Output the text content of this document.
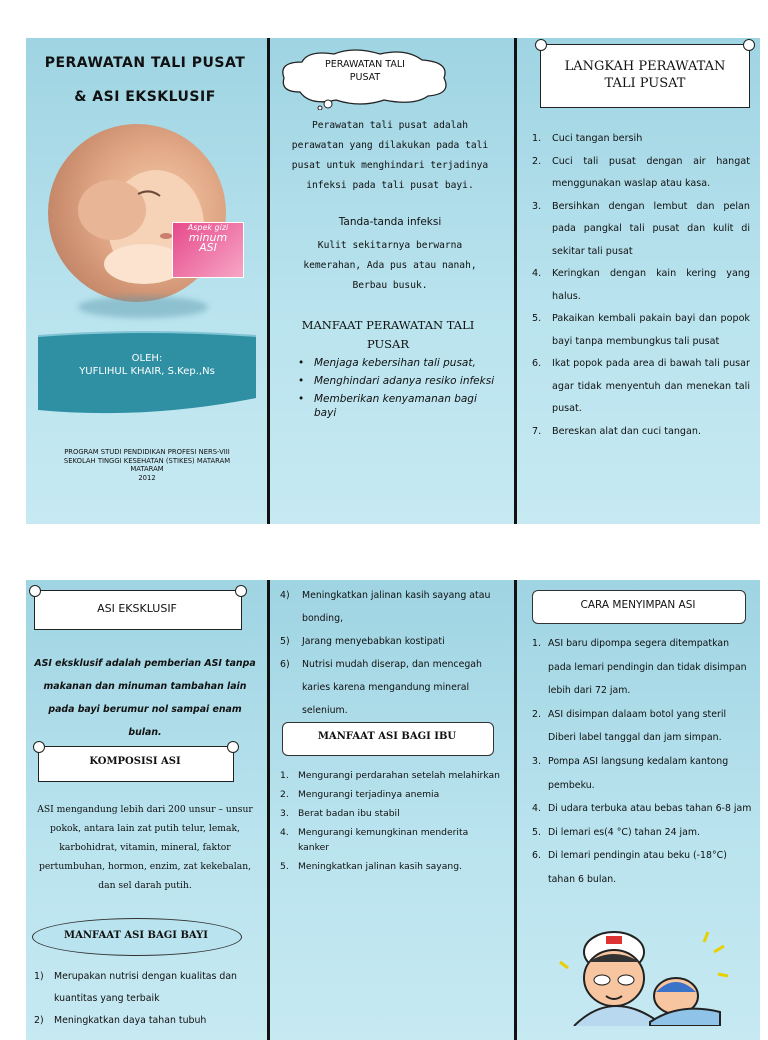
PERAWATAN TALI PUSAT
& ASI EKSKLUSIF
Aspek gizi
minum
ASI
OLEH:
YUFLIHUL KHAIR, S.Kep.,Ns
PROGRAM STUDI PENDIDIKAN PROFESI NERS-VIII
SEKOLAH TINGGI KESEHATAN (STIKES) MATARAM
MATARAM
2012
PERAWATAN TALI PUSAT
Perawatan tali pusat adalah perawatan yang dilakukan pada tali pusat untuk menghindari terjadinya infeksi pada tali pusat bayi.
Tanda-tanda infeksi
Kulit sekitarnya berwarna kemerahan, Ada pus atau nanah, Berbau busuk.
MANFAAT PERAWATAN TALI PUSAR
• Menjaga kebersihan tali pusat,
• Menghindari adanya resiko infeksi
• Memberikan kenyamanan bagi bayi
LANGKAH PERAWATAN TALI PUSAT
1. Cuci tangan bersih
2. Cuci tali pusat dengan air hangat menggunakan waslap atau kasa.
3. Bersihkan dengan lembut dan pelan pada pangkal tali pusat dan kulit di sekitar tali pusat
4. Keringkan dengan kain kering yang halus.
5. Pakaikan kembali pakain bayi dan popok bayi tanpa membungkus tali pusat
6. Ikat popok pada area di bawah tali pusar agar tidak menyentuh dan menekan tali pusat.
7. Bereskan alat dan cuci tangan.
ASI EKSKLUSIF
ASI eksklusif adalah pemberian ASI tanpa makanan dan minuman tambahan lain pada bayi berumur nol sampai enam bulan.
KOMPOSISI ASI
ASI mengandung lebih dari 200 unsur – unsur pokok, antara lain zat putih telur, lemak, karbohidrat, vitamin, mineral, faktor pertumbuhan, hormon, enzim, zat kekebalan, dan sel darah putih.
MANFAAT ASI BAGI BAYI
1) Merupakan nutrisi dengan kualitas dan kuantitas yang terbaik
2) Meningkatkan daya tahan tubuh
4) Meningkatkan jalinan kasih sayang atau bonding,
5) Jarang menyebabkan kostipati
6) Nutrisi mudah diserap, dan mencegah karies karena mengandung mineral selenium.
MANFAAT ASI BAGI IBU
1. Mengurangi perdarahan setelah melahirkan
2. Mengurangi terjadinya anemia
3. Berat badan ibu stabil
4. Mengurangi kemungkinan menderita kanker
5. Meningkatkan jalinan kasih sayang.
CARA MENYIMPAN ASI
1. ASI baru dipompa segera ditempatkan pada lemari pendingin dan tidak disimpan lebih dari 72 jam.
2. ASI disimpan dalaam botol yang steril Diberi label tanggal dan jam simpan.
3. Pompa ASI langsung kedalam kantong pembeku.
4. Di udara terbuka atau bebas tahan 6-8 jam
5. Di lemari es(4 °C) tahan 24 jam.
6. Di lemari pendingin atau beku (-18°C) tahan 6 bulan.
